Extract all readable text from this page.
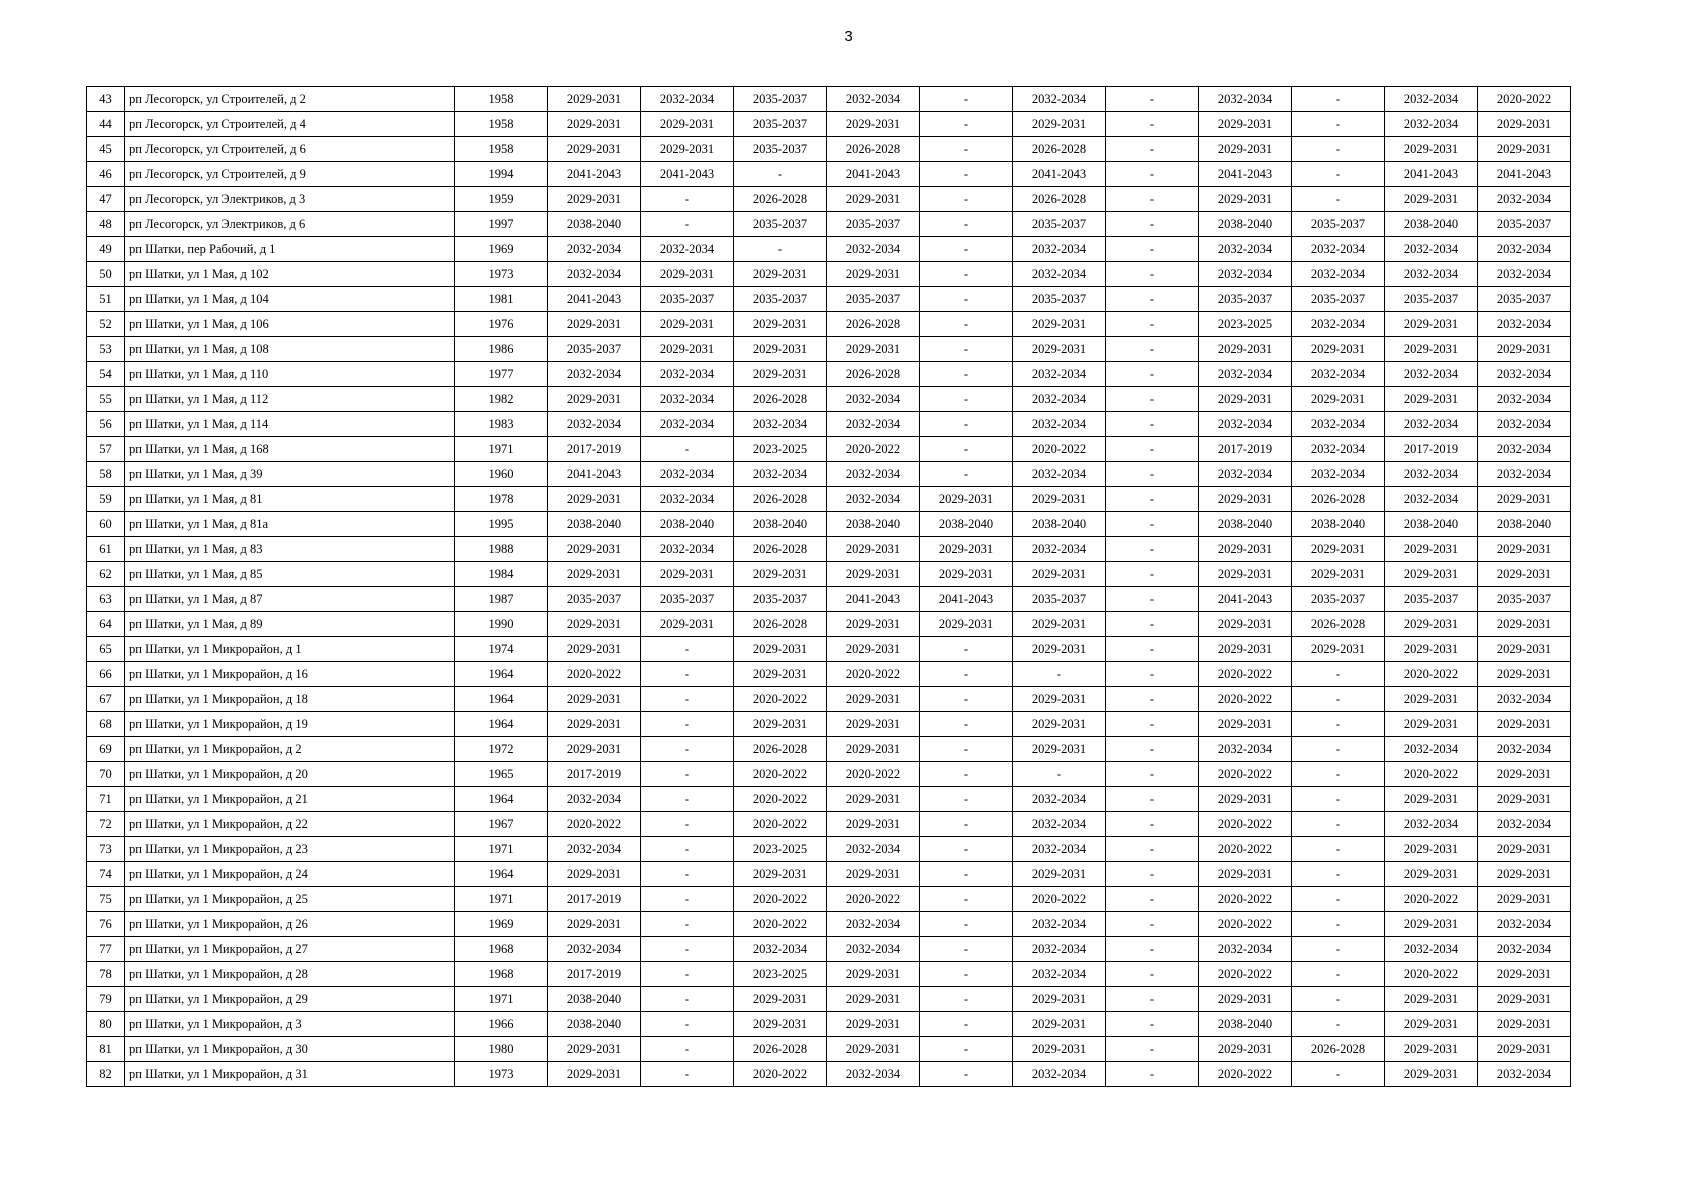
3
43	рп Лесогорск, ул Строителей, д 2	1958	2029-2031	2032-2034	2035-2037	2032-2034	-	2032-2034	-	2032-2034	-	2032-2034	2020-2022
44	рп Лесогорск, ул Строителей, д 4	1958	2029-2031	2029-2031	2035-2037	2029-2031	-	2029-2031	-	2029-2031	-	2032-2034	2029-2031
45	рп Лесогорск, ул Строителей, д 6	1958	2029-2031	2029-2031	2035-2037	2026-2028	-	2026-2028	-	2029-2031	-	2029-2031	2029-2031
46	рп Лесогорск, ул Строителей, д 9	1994	2041-2043	2041-2043	-	2041-2043	-	2041-2043	-	2041-2043	-	2041-2043	2041-2043
47	рп Лесогорск, ул Электриков, д 3	1959	2029-2031	-	2026-2028	2029-2031	-	2026-2028	-	2029-2031	-	2029-2031	2032-2034
48	рп Лесогорск, ул Электриков, д 6	1997	2038-2040	-	2035-2037	2035-2037	-	2035-2037	-	2038-2040	2035-2037	2038-2040	2035-2037
49	рп Шатки, пер Рабочий, д 1	1969	2032-2034	2032-2034	-	2032-2034	-	2032-2034	-	2032-2034	2032-2034	2032-2034	2032-2034
50	рп Шатки, ул 1 Мая, д 102	1973	2032-2034	2029-2031	2029-2031	2029-2031	-	2032-2034	-	2032-2034	2032-2034	2032-2034	2032-2034
51	рп Шатки, ул 1 Мая, д 104	1981	2041-2043	2035-2037	2035-2037	2035-2037	-	2035-2037	-	2035-2037	2035-2037	2035-2037	2035-2037
52	рп Шатки, ул 1 Мая, д 106	1976	2029-2031	2029-2031	2029-2031	2026-2028	-	2029-2031	-	2023-2025	2032-2034	2029-2031	2032-2034
53	рп Шатки, ул 1 Мая, д 108	1986	2035-2037	2029-2031	2029-2031	2029-2031	-	2029-2031	-	2029-2031	2029-2031	2029-2031	2029-2031
54	рп Шатки, ул 1 Мая, д 110	1977	2032-2034	2032-2034	2029-2031	2026-2028	-	2032-2034	-	2032-2034	2032-2034	2032-2034	2032-2034
55	рп Шатки, ул 1 Мая, д 112	1982	2029-2031	2032-2034	2026-2028	2032-2034	-	2032-2034	-	2029-2031	2029-2031	2029-2031	2032-2034
56	рп Шатки, ул 1 Мая, д 114	1983	2032-2034	2032-2034	2032-2034	2032-2034	-	2032-2034	-	2032-2034	2032-2034	2032-2034	2032-2034
57	рп Шатки, ул 1 Мая, д 168	1971	2017-2019	-	2023-2025	2020-2022	-	2020-2022	-	2017-2019	2032-2034	2017-2019	2032-2034
58	рп Шатки, ул 1 Мая, д 39	1960	2041-2043	2032-2034	2032-2034	2032-2034	-	2032-2034	-	2032-2034	2032-2034	2032-2034	2032-2034
59	рп Шатки, ул 1 Мая, д 81	1978	2029-2031	2032-2034	2026-2028	2032-2034	2029-2031	2029-2031	-	2029-2031	2026-2028	2032-2034	2029-2031
60	рп Шатки, ул 1 Мая, д 81а	1995	2038-2040	2038-2040	2038-2040	2038-2040	2038-2040	2038-2040	-	2038-2040	2038-2040	2038-2040	2038-2040
61	рп Шатки, ул 1 Мая, д 83	1988	2029-2031	2032-2034	2026-2028	2029-2031	2029-2031	2032-2034	-	2029-2031	2029-2031	2029-2031	2029-2031
62	рп Шатки, ул 1 Мая, д 85	1984	2029-2031	2029-2031	2029-2031	2029-2031	2029-2031	2029-2031	-	2029-2031	2029-2031	2029-2031	2029-2031
63	рп Шатки, ул 1 Мая, д 87	1987	2035-2037	2035-2037	2035-2037	2041-2043	2041-2043	2035-2037	-	2041-2043	2035-2037	2035-2037	2035-2037
64	рп Шатки, ул 1 Мая, д 89	1990	2029-2031	2029-2031	2026-2028	2029-2031	2029-2031	2029-2031	-	2029-2031	2026-2028	2029-2031	2029-2031
65	рп Шатки, ул 1 Микрорайон, д 1	1974	2029-2031	-	2029-2031	2029-2031	-	2029-2031	-	2029-2031	2029-2031	2029-2031	2029-2031
66	рп Шатки, ул 1 Микрорайон, д 16	1964	2020-2022	-	2029-2031	2020-2022	-	-	-	2020-2022	-	2020-2022	2029-2031
67	рп Шатки, ул 1 Микрорайон, д 18	1964	2029-2031	-	2020-2022	2029-2031	-	2029-2031	-	2020-2022	-	2029-2031	2032-2034
68	рп Шатки, ул 1 Микрорайон, д 19	1964	2029-2031	-	2029-2031	2029-2031	-	2029-2031	-	2029-2031	-	2029-2031	2029-2031
69	рп Шатки, ул 1 Микрорайон, д 2	1972	2029-2031	-	2026-2028	2029-2031	-	2029-2031	-	2032-2034	-	2032-2034	2032-2034
70	рп Шатки, ул 1 Микрорайон, д 20	1965	2017-2019	-	2020-2022	2020-2022	-	-	-	2020-2022	-	2020-2022	2029-2031
71	рп Шатки, ул 1 Микрорайон, д 21	1964	2032-2034	-	2020-2022	2029-2031	-	2032-2034	-	2029-2031	-	2029-2031	2029-2031
72	рп Шатки, ул 1 Микрорайон, д 22	1967	2020-2022	-	2020-2022	2029-2031	-	2032-2034	-	2020-2022	-	2032-2034	2032-2034
73	рп Шатки, ул 1 Микрорайон, д 23	1971	2032-2034	-	2023-2025	2032-2034	-	2032-2034	-	2020-2022	-	2029-2031	2029-2031
74	рп Шатки, ул 1 Микрорайон, д 24	1964	2029-2031	-	2029-2031	2029-2031	-	2029-2031	-	2029-2031	-	2029-2031	2029-2031
75	рп Шатки, ул 1 Микрорайон, д 25	1971	2017-2019	-	2020-2022	2020-2022	-	2020-2022	-	2020-2022	-	2020-2022	2029-2031
76	рп Шатки, ул 1 Микрорайон, д 26	1969	2029-2031	-	2020-2022	2032-2034	-	2032-2034	-	2020-2022	-	2029-2031	2032-2034
77	рп Шатки, ул 1 Микрорайон, д 27	1968	2032-2034	-	2032-2034	2032-2034	-	2032-2034	-	2032-2034	-	2032-2034	2032-2034
78	рп Шатки, ул 1 Микрорайон, д 28	1968	2017-2019	-	2023-2025	2029-2031	-	2032-2034	-	2020-2022	-	2020-2022	2029-2031
79	рп Шатки, ул 1 Микрорайон, д 29	1971	2038-2040	-	2029-2031	2029-2031	-	2029-2031	-	2029-2031	-	2029-2031	2029-2031
80	рп Шатки, ул 1 Микрорайон, д 3	1966	2038-2040	-	2029-2031	2029-2031	-	2029-2031	-	2038-2040	-	2029-2031	2029-2031
81	рп Шатки, ул 1 Микрорайон, д 30	1980	2029-2031	-	2026-2028	2029-2031	-	2029-2031	-	2029-2031	2026-2028	2029-2031	2029-2031
82	рп Шатки, ул 1 Микрорайон, д 31	1973	2029-2031	-	2020-2022	2032-2034	-	2032-2034	-	2020-2022	-	2029-2031	2032-2034
